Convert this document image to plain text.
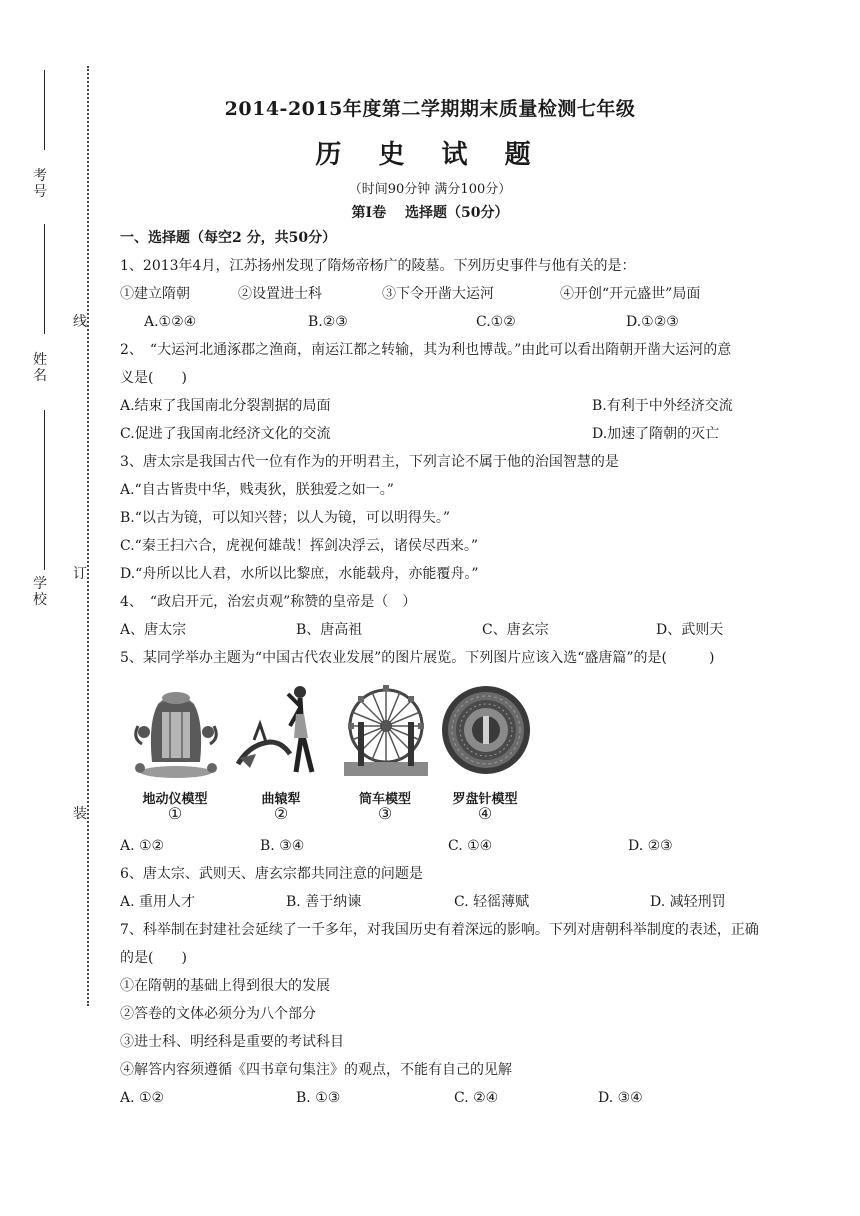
考号
姓名
学校
线
订
装
2014-2015年度第二学期期末质量检测七年级
历 史 试 题
（时间90分钟 满分100分）
第Ⅰ卷　 选择题（50分）
一、选择题（每空2 分，共50分）
1、2013年4月，江苏扬州发现了隋炀帝杨广的陵墓。下列历史事件与他有关的是：
①建立隋朝	②设置进士科	③下令开凿大运河	④开创“开元盛世”局面
A.①②④	B.②③	C.①②	D.①②③
2、　“大运河北通涿郡之渔商，南运江都之转输，其为利也博哉。”由此可以看出隋朝开凿大运河的意
义是(　　)
A.结束了我国南北分裂割据的局面	B.有利于中外经济交流
C.促进了我国南北经济文化的交流	D.加速了隋朝的灭亡
3、唐太宗是我国古代一位有作为的开明君主，下列言论不属于他的治国智慧的是
A.“自古皆贵中华，贱夷狄，朕独爱之如一。”
B.“以古为镜，可以知兴替；以人为镜，可以明得失。”
C.“秦王扫六合，虎视何雄哉！挥剑决浮云，诸侯尽西来。”
D.“舟所以比人君，水所以比黎庶，水能载舟，亦能覆舟。”
4、　“政启开元，治宏贞观”称赞的皇帝是（　）
A、唐太宗	B、唐高祖	C、唐玄宗	D、武则天
5、某同学举办主题为“中国古代农业发展”的图片展览。下列图片应该入选“盛唐篇”的是(　　　)
地动仪模型	曲辕犁	筒车模型	罗盘针模型
①	②	③	④
A. ①②	B. ③④	C. ①④	D. ②③
6、唐太宗、武则天、唐玄宗都共同注意的问题是
A. 重用人才	B. 善于纳谏	C. 轻徭薄赋	D. 减轻刑罚
7、科举制在封建社会延续了一千多年，对我国历史有着深远的影响。下列对唐朝科举制度的表述，正确
的是(　　)
①在隋朝的基础上得到很大的发展
②答卷的文体必须分为八个部分
③进士科、明经科是重要的考试科目
④解答内容须遵循《四书章句集注》的观点，不能有自己的见解
A. ①②	B. ①③	C. ②④	D. ③④
